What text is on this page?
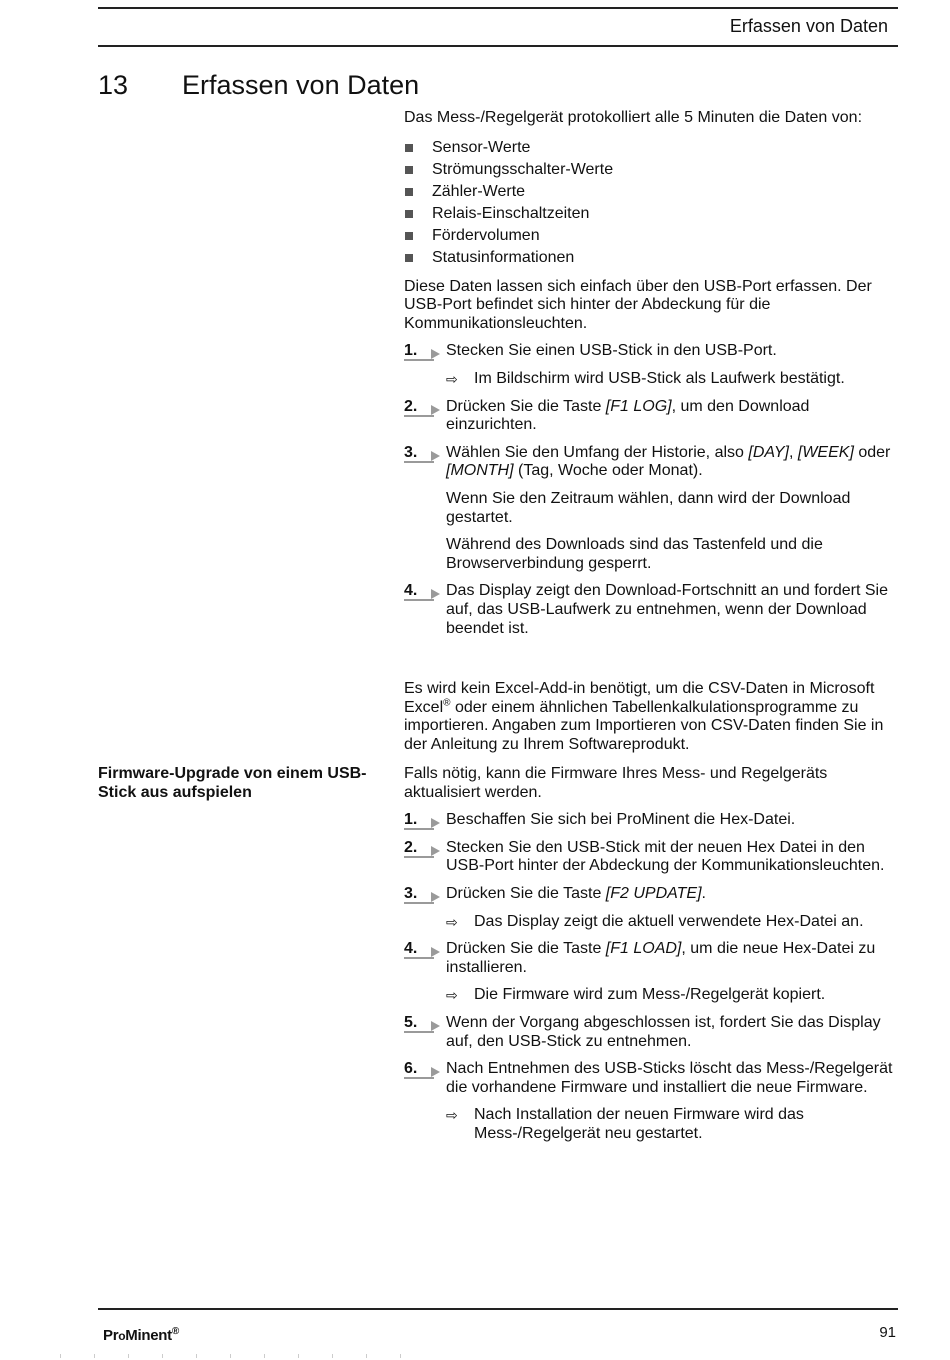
Erfassen von Daten
13 Erfassen von Daten

Das Mess-/Regelgerät protokolliert alle 5 Minuten die Daten von:

Sensor-Werte
Strömungsschalter-Werte
Zähler-Werte
Relais-Einschaltzeiten
Fördervolumen
Statusinformationen

Diese Daten lassen sich einfach über den USB-Port erfassen. Der USB-Port befindet sich hinter der Abdeckung für die Kommunikationsleuchten.

1.	Stecken Sie einen USB-Stick in den USB-Port.
⇨ Im Bildschirm wird USB-Stick als Laufwerk bestätigt.
2.	Drücken Sie die Taste [F1 LOG], um den Download einzurichten.
3.	Wählen Sie den Umfang der Historie, also [DAY], [WEEK] oder [MONTH] (Tag, Woche oder Monat).

Wenn Sie den Zeitraum wählen, dann wird der Download gestartet.

Während des Downloads sind das Tastenfeld und die Browserverbindung gesperrt.

4.	Das Display zeigt den Download-Fortschnitt an und fordert Sie auf, das USB-Laufwerk zu entnehmen, wenn der Download beendet ist.

Es wird kein Excel-Add-in benötigt, um die CSV-Daten in Microsoft Excel® oder einem ähnlichen Tabellenkalkulationsprogramme zu importieren. Angaben zum Importieren von CSV-Daten finden Sie in der Anleitung zu Ihrem Softwareprodukt.

Firmware-Upgrade von einem USB-Stick aus aufspielen

Falls nötig, kann die Firmware Ihres Mess- und Regelgeräts aktualisiert werden.

1.	Beschaffen Sie sich bei ProMinent die Hex-Datei.
2.	Stecken Sie den USB-Stick mit der neuen Hex Datei in den USB-Port hinter der Abdeckung der Kommunikationsleuchten.
3.	Drücken Sie die Taste [F2 UPDATE].
⇨ Das Display zeigt die aktuell verwendete Hex-Datei an.
4.	Drücken Sie die Taste [F1 LOAD], um die neue Hex-Datei zu installieren.
⇨ Die Firmware wird zum Mess-/Regelgerät kopiert.
5.	Wenn der Vorgang abgeschlossen ist, fordert Sie das Display auf, den USB-Stick zu entnehmen.
6.	Nach Entnehmen des USB-Sticks löscht das Mess-/Regelgerät die vorhandene Firmware und installiert die neue Firmware.
⇨ Nach Installation der neuen Firmware wird das Mess-/Regelgerät neu gestartet.
ProMinent®	91
